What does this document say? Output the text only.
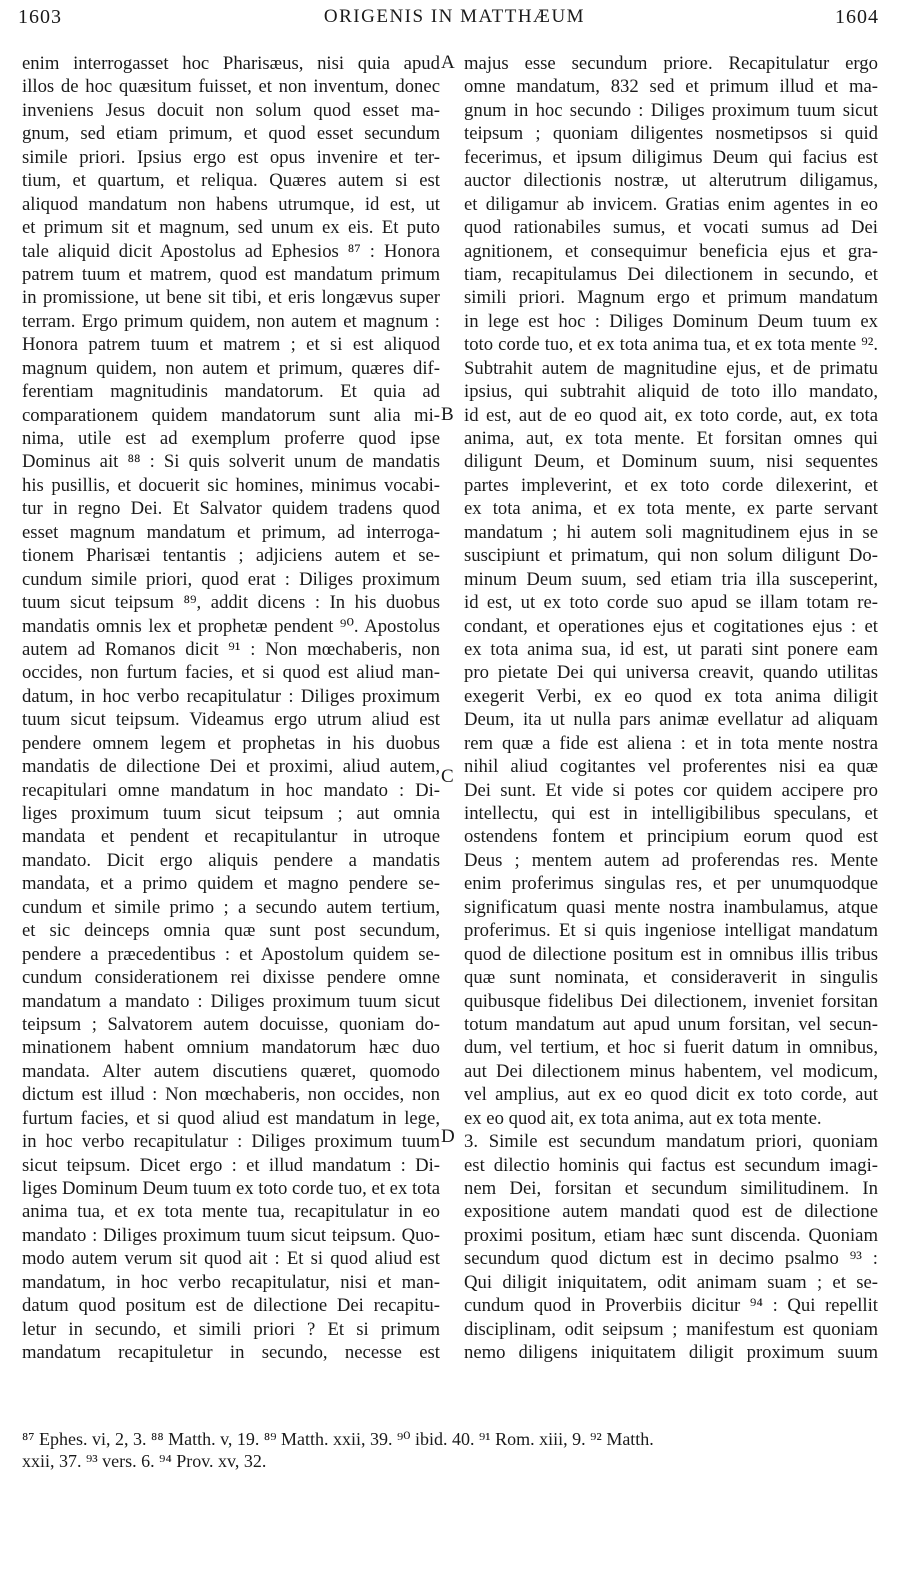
1603	ORIGENIS IN MATTHÆUM	1604
enim interrogasset hoc Pharisæus, nisi quia apud
illos de hoc quæsitum fuisset, et non inventum, donec
inveniens Jesus docuit non solum quod esset ma-
gnum, sed etiam primum, et quod esset secundum
simile priori. Ipsius ergo est opus invenire et ter-
tium, et quartum, et reliqua. Quæres autem si est
aliquod mandatum non habens utrumque, id est, ut
et primum sit et magnum, sed unum ex eis. Et puto
tale aliquid dicit Apostolus ad Ephesios ⁸⁷ : Honora
patrem tuum et matrem, quod est mandatum primum
in promissione, ut bene sit tibi, et eris longævus super
terram. Ergo primum quidem, non autem et magnum :
Honora patrem tuum et matrem ; et si est aliquod
magnum quidem, non autem et primum, quæres dif-
ferentiam magnitudinis mandatorum. Et quia ad
comparationem quidem mandatorum sunt alia mi-
nima, utile est ad exemplum proferre quod ipse
Dominus ait ⁸⁸ : Si quis solverit unum de mandatis
his pusillis, et docuerit sic homines, minimus vocabi-
tur in regno Dei. Et Salvator quidem tradens quod
esset magnum mandatum et primum, ad interroga-
tionem Pharisæi tentantis ; adjiciens autem et se-
cundum simile priori, quod erat : Diliges proximum
tuum sicut teipsum ⁸⁹, addit dicens : In his duobus
mandatis omnis lex et prophetæ pendent ⁹⁰. Apostolus
autem ad Romanos dicit ⁹¹ : Non mœchaberis, non
occides, non furtum facies, et si quod est aliud man-
datum, in hoc verbo recapitulatur : Diliges proximum
tuum sicut teipsum. Videamus ergo utrum aliud est
pendere omnem legem et prophetas in his duobus
mandatis de dilectione Dei et proximi, aliud autem,
recapitulari omne mandatum in hoc mandato : Di-
liges proximum tuum sicut teipsum ; aut omnia
mandata et pendent et recapitulantur in utroque
mandato. Dicit ergo aliquis pendere a mandatis
mandata, et a primo quidem et magno pendere se-
cundum et simile primo ; a secundo autem tertium,
et sic deinceps omnia quæ sunt post secundum,
pendere a præcedentibus : et Apostolum quidem se-
cundum considerationem rei dixisse pendere omne
mandatum a mandato : Diliges proximum tuum sicut
teipsum ; Salvatorem autem docuisse, quoniam do-
minationem habent omnium mandatorum hæc duo
mandata. Alter autem discutiens quæret, quomodo
dictum est illud : Non mœchaberis, non occides, non
furtum facies, et si quod aliud est mandatum in lege,
in hoc verbo recapitulatur : Diliges proximum tuum
sicut teipsum. Dicet ergo : et illud mandatum : Di-
liges Dominum Deum tuum ex toto corde tuo, et ex tota
anima tua, et ex tota mente tua, recapitulatur in eo
mandato : Diliges proximum tuum sicut teipsum. Quo-
modo autem verum sit quod ait : Et si quod aliud est
mandatum, in hoc verbo recapitulatur, nisi et man-
datum quod positum est de dilectione Dei recapitu-
letur in secundo, et simili priori ? Et si primum
mandatum recapituletur in secundo, necesse est
A
B
C
D
majus esse secundum priore. Recapitulatur ergo
omne mandatum, 832 sed et primum illud et ma-
gnum in hoc secundo : Diliges proximum tuum sicut
teipsum ; quoniam diligentes nosmetipsos si quid
fecerimus, et ipsum diligimus Deum qui facius est
auctor dilectionis nostræ, ut alterutrum diligamus,
et diligamur ab invicem. Gratias enim agentes in eo
quod rationabiles sumus, et vocati sumus ad Dei
agnitionem, et consequimur beneficia ejus et gra-
tiam, recapitulamus Dei dilectionem in secundo, et
simili priori. Magnum ergo et primum mandatum
in lege est hoc : Diliges Dominum Deum tuum ex
toto corde tuo, et ex tota anima tua, et ex tota mente ⁹².
Subtrahit autem de magnitudine ejus, et de primatu
ipsius, qui subtrahit aliquid de toto illo mandato,
id est, aut de eo quod ait, ex toto corde, aut, ex tota
anima, aut, ex tota mente. Et forsitan omnes qui
diligunt Deum, et Dominum suum, nisi sequentes
partes impleverint, et ex toto corde dilexerint, et
ex tota anima, et ex tota mente, ex parte servant
mandatum ; hi autem soli magnitudinem ejus in se
suscipiunt et primatum, qui non solum diligunt Do-
minum Deum suum, sed etiam tria illa susceperint,
id est, ut ex toto corde suo apud se illam totam re-
condant, et operationes ejus et cogitationes ejus : et
ex tota anima sua, id est, ut parati sint ponere eam
pro pietate Dei qui universa creavit, quando utilitas
exegerit Verbi, ex eo quod ex tota anima diligit
Deum, ita ut nulla pars animæ evellatur ad aliquam
rem quæ a fide est aliena : et in tota mente nostra
nihil aliud cogitantes vel proferentes nisi ea quæ
Dei sunt. Et vide si potes cor quidem accipere pro
intellectu, qui est in intelligibilibus speculans, et
ostendens fontem et principium eorum quod est
Deus ; mentem autem ad proferendas res. Mente
enim proferimus singulas res, et per unumquodque
significatum quasi mente nostra inambulamus, atque
proferimus. Et si quis ingeniose intelligat mandatum
quod de dilectione positum est in omnibus illis tribus
quæ sunt nominata, et consideraverit in singulis
quibusque fidelibus Dei dilectionem, inveniet forsitan
totum mandatum aut apud unum forsitan, vel secun-
dum, vel tertium, et hoc si fuerit datum in omnibus,
aut Dei dilectionem minus habentem, vel modicum,
vel amplius, aut ex eo quod dicit ex toto corde, aut
ex eo quod ait, ex tota anima, aut ex tota mente.
3. Simile est secundum mandatum priori, quoniam
est dilectio hominis qui factus est secundum imagi-
nem Dei, forsitan et secundum similitudinem. In
expositione autem mandati quod est de dilectione
proximi positum, etiam hæc sunt discenda. Quoniam
secundum quod dictum est in decimo psalmo ⁹³ :
Qui diligit iniquitatem, odit animam suam ; et se-
cundum quod in Proverbiis dicitur ⁹⁴ : Qui repellit
disciplinam, odit seipsum ; manifestum est quoniam
nemo diligens iniquitatem diligit proximum suum
⁸⁷ Ephes. vi, 2, 3. ⁸⁸ Matth. v, 19. ⁸⁹ Matth. xxii, 39. ⁹⁰ ibid. 40. ⁹¹ Rom. xiii, 9. ⁹² Matth.
xxii, 37. ⁹³ vers. 6. ⁹⁴ Prov. xv, 32.
